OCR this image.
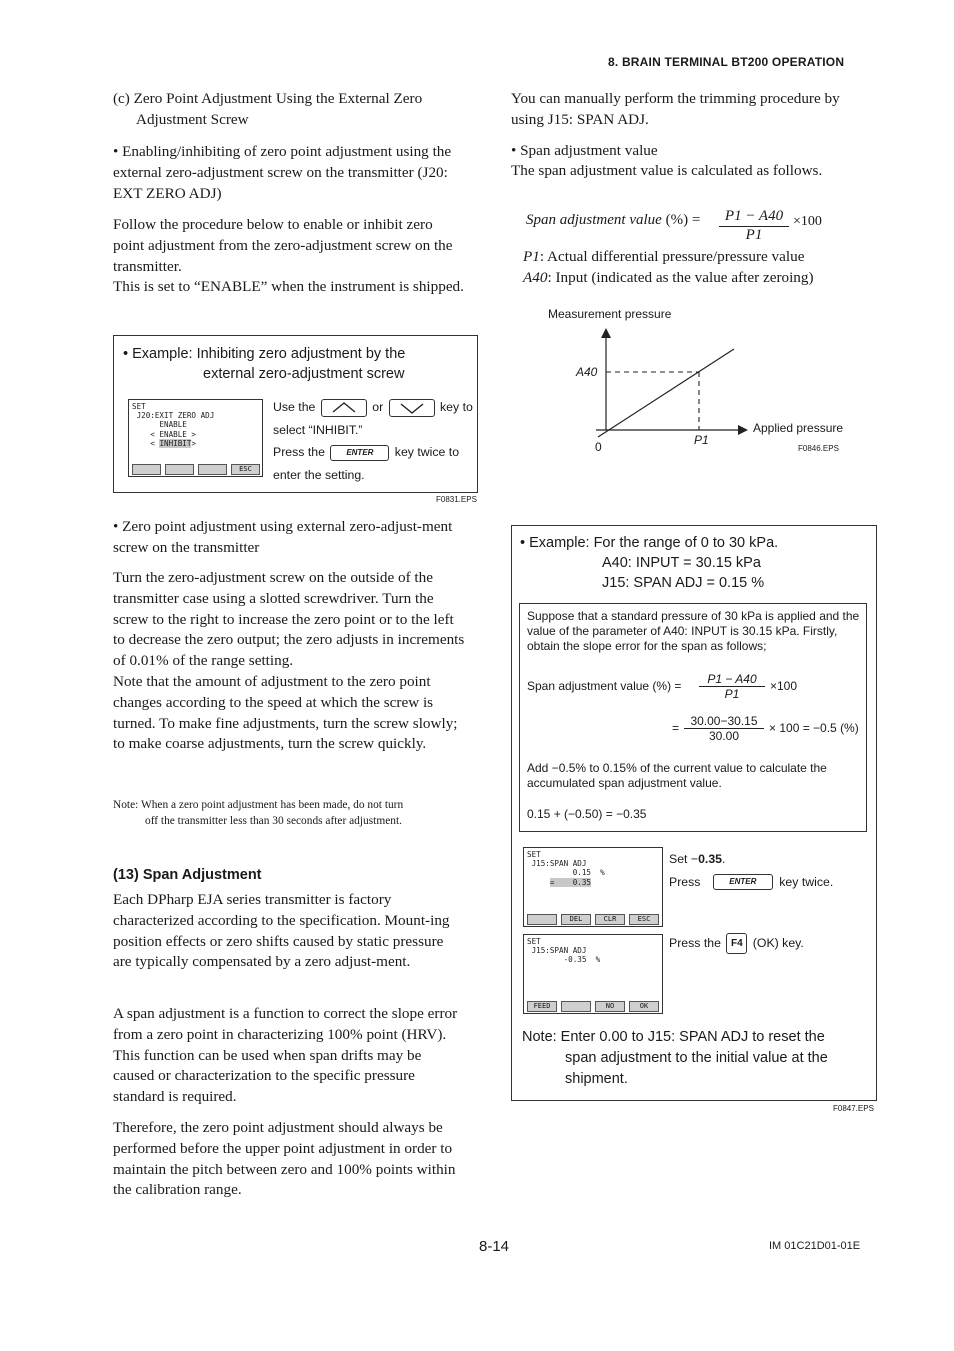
8. BRAIN TERMINAL BT200 OPERATION
(c) Zero Point Adjustment Using the External Zero
Adjustment Screw
• Enabling/inhibiting of zero point adjustment using the external zero-adjustment screw on the transmitter (J20: EXT ZERO ADJ)
Follow the procedure below to enable or inhibit zero point adjustment from the zero-adjustment screw on the transmitter.
This is set to “ENABLE” when the instrument is shipped.
• Example: Inhibiting zero adjustment by the
external zero-adjustment screw
SET
J20:EXIT ZERO ADJ
ENABLE
< ENABLE >
< INHIBIT>
ESC
Use the	or	key to
select “INHIBIT.”
Press the	ENTER key twice to
enter the setting.
F0831.EPS
• Zero point adjustment using external zero-adjust-ment screw on the transmitter
Turn the zero-adjustment screw on the outside of the transmitter case using a slotted screwdriver. Turn the screw to the right to increase the zero point or to the left to decrease the zero output; the zero adjusts in increments of 0.01% of the range setting.
Note that the amount of adjustment to the zero point changes according to the speed at which the screw is turned. To make fine adjustments, turn the screw slowly; to make coarse adjustments, turn the screw quickly.
Note: When a zero point adjustment has been made, do not turn
off the transmitter less than 30 seconds after adjustment.
(13) Span Adjustment
Each DPharp EJA series transmitter is factory characterized according to the specification. Mount-ing position effects or zero shifts caused by static pressure are typically compensated by a zero adjust-ment.
A span adjustment is a function to correct the slope error from a zero point in characterizing 100% point (HRV). This function can be used when span drifts may be caused or characterization to the specific pressure standard is required.
Therefore, the zero point adjustment should always be performed before the upper point adjustment in order to maintain the pitch between zero and 100% points within the calibration range.
You can manually perform the trimming procedure by using J15: SPAN ADJ.
• Span adjustment value
The span adjustment value is calculated as follows.
Span adjustment value (%) = $\frac{P1 - A40}{P1} \times 100$
P1: Actual differential pressure/pressure value
A40: Input (indicated as the value after zeroing)
Measurement pressure
A40
0	P1
Applied pressure
F0846.EPS
• Example: For the range of 0 to 30 kPa.
A40: INPUT = 30.15 kPa
J15: SPAN ADJ = 0.15 %
Suppose that a standard pressure of 30 kPa is applied and the value of the parameter of A40: INPUT is 30.15 kPa. Firstly, obtain the slope error for the span as follows;
Span adjustment value (%) = $\frac{P1 - A40}{P1} \times 100$
= $\frac{30.00-30.15}{30.00} \times 100 = -0.5$ (%)
Add −0.5% to 0.15% of the current value to calculate the accumulated span adjustment value.
0.15 + (−0.50) = −0.35
SET
J15:SPAN ADJ
0.15  %
=    0.35
DEL	CLR	ESC
Set −0.35.
Press	ENTER key twice.
SET
J15:SPAN ADJ
-0.35  %
FEED	NO	OK
Press the F4 (OK) key.
Note: Enter 0.00 to J15: SPAN ADJ to reset the
span adjustment to the initial value at the
shipment.
F0847.EPS
8-14	IM 01C21D01-01E
